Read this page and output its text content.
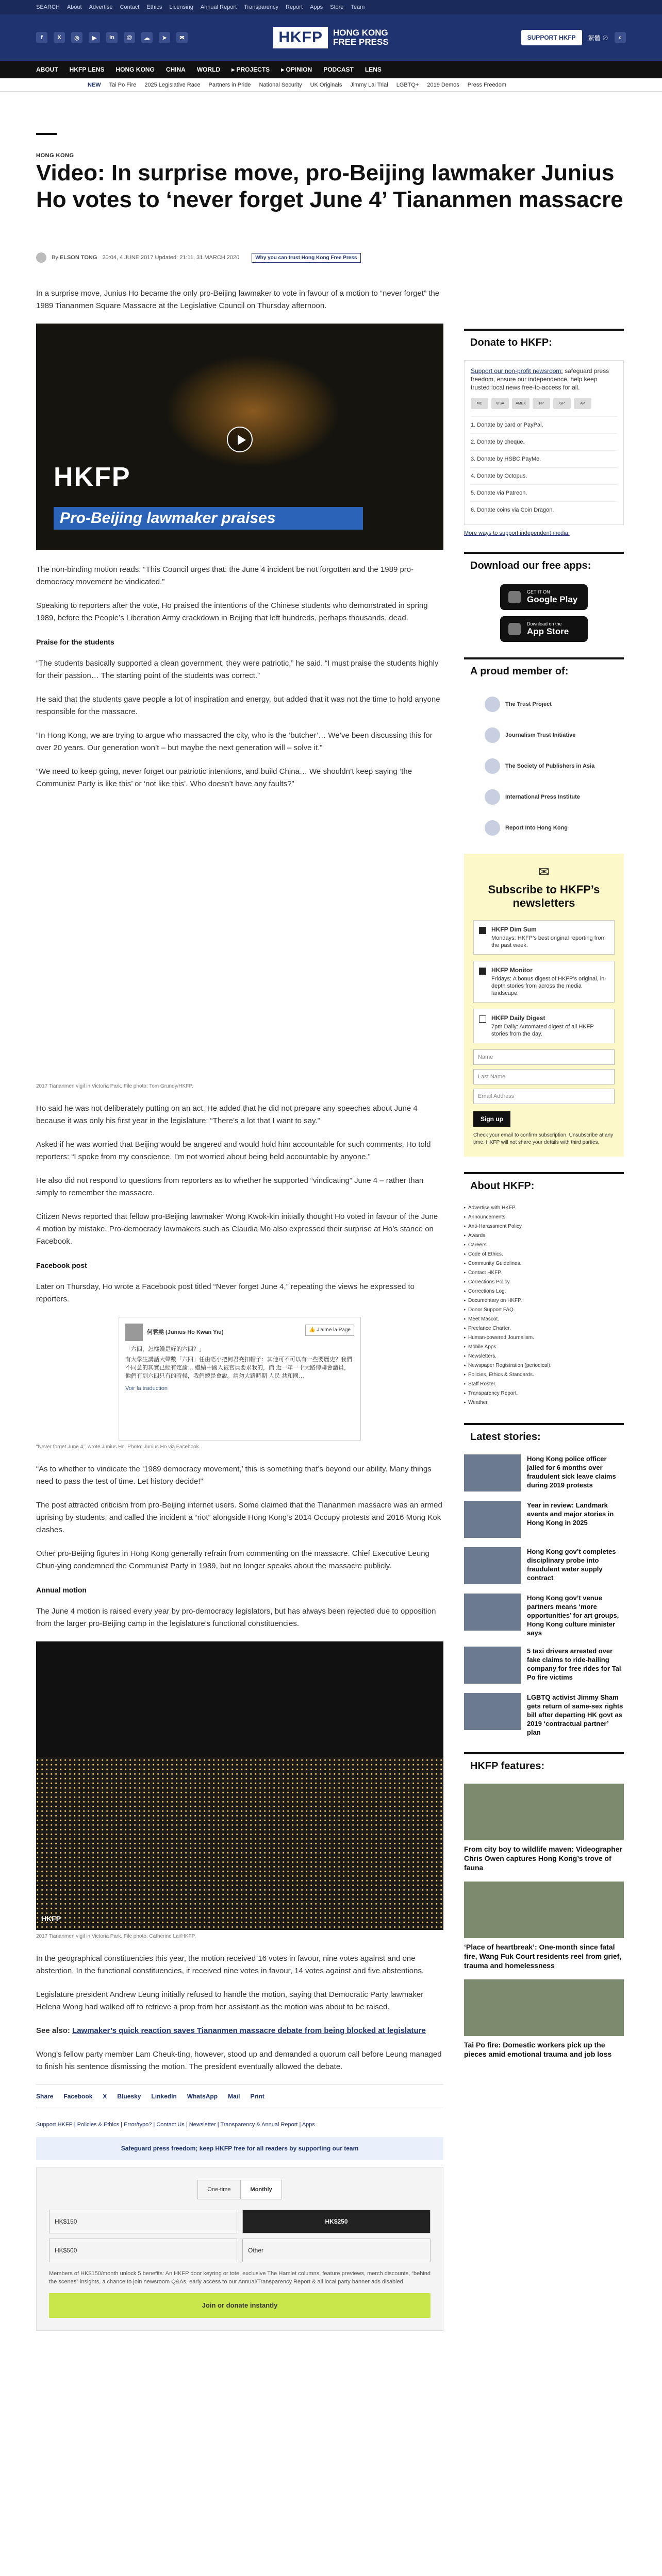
SEARCH About Advertise Contact Ethics Licensing Annual Report Transparency Report Apps Store Team
f	X	◎	▶	in	@	☁	➤	✉	HKFP	HONG KONG
FREE PRESS	SUPPORT HKFP	繁體 ⊘	⌕
ABOUT HKFP LENS HONG KONG CHINA WORLD ▸ PROJECTS ▸ OPINION PODCAST LENS
NEW Tai Po Fire 2025 Legislative Race Partners in Pride National Security UK Originals Jimmy Lai Trial LGBTQ+ 2019 Demos Press Freedom
HONG KONG
Video: In surprise move, pro-Beijing lawmaker Junius Ho votes to ‘never forget June 4’ Tiananmen massacre
By ELSON TONG 20:04, 4 JUNE 2017 Updated: 21:11, 31 MARCH 2020	Why you can trust Hong Kong Free Press

In a surprise move, Junius Ho became the only pro-Beijing lawmaker to vote in favour of a motion to “never forget” the 1989 Tiananmen Square Massacre at the Legislative Council on Thursday afternoon.

HKFP
Pro-Beijing lawmaker praises

The non-binding motion reads: “This Council urges that: the June 4 incident be not forgotten and the 1989 pro-democracy movement be vindicated.”

Speaking to reporters after the vote, Ho praised the intentions of the Chinese students who demonstrated in spring 1989, before the People’s Liberation Army crackdown in Beijing that left hundreds, perhaps thousands, dead.

Praise for the students

“The students basically supported a clean government, they were patriotic,” he said. “I must praise the students highly for their passion… The starting point of the students was correct.”

He said that the students gave people a lot of inspiration and energy, but added that it was not the time to hold anyone responsible for the massacre.

“In Hong Kong, we are trying to argue who massacred the city, who is the ‘butcher’… We’ve been discussing this for over 20 years. Our generation won’t – but maybe the next generation will – solve it.”

“We need to keep going, never forget our patriotic intentions, and build China… We shouldn’t keep saying ‘the Communist Party is like this’ or ‘not like this’. Who doesn’t have any faults?”

2017 Tiananmen vigil in Victoria Park. File photo: Tom Grundy/HKFP.

Ho said he was not deliberately putting on an act. He added that he did not prepare any speeches about June 4 because it was only his first year in the legislature: “There’s a lot that I want to say.”

Asked if he was worried that Beijing would be angered and would hold him accountable for such comments, Ho told reporters: “I spoke from my conscience. I’m not worried about being held accountable by anyone.”

He also did not respond to questions from reporters as to whether he supported “vindicating” June 4 – rather than simply to remember the massacre.

Citizen News reported that fellow pro-Beijing lawmaker Wong Kwok-kin initially thought Ho voted in favour of the June 4 motion by mistake. Pro-democracy lawmakers such as Claudia Mo also expressed their surprise at Ho’s stance on Facebook.

Facebook post

Later on Thursday, Ho wrote a Facebook post titled “Never forget June 4,” repeating the views he expressed to reporters.

何君堯 (Junius Ho Kwan Yiu)	👍 J’aime la Page
「六四，怎樣纔是好的六四？」
有大學生講話大聲數「六四」任由唔小把何君堯扣帽子：其他可不可以有一些要歷史？我們不同意的其實已經有定論… 繼續中國人被官員要求我的，而 近一年一十大路傳聯會議員，他們有到六四只有的時候，我們總是會說。請勿大路時期 人民 共和國…
Voir la traduction
“Never forget June 4,” wrote Junius Ho. Photo: Junius Ho via Facebook.

“As to whether to vindicate the ‘1989 democracy movement,’ this is something that’s beyond our ability. Many things need to pass the test of time. Let history decide!”

The post attracted criticism from pro-Beijing internet users. Some claimed that the Tiananmen massacre was an armed uprising by students, and called the incident a “riot” alongside Hong Kong’s 2014 Occupy protests and 2016 Mong Kok clashes.

Other pro-Beijing figures in Hong Kong generally refrain from commenting on the massacre. Chief Executive Leung Chun-ying condemned the Communist Party in 1989, but no longer speaks about the massacre publicly.

Annual motion

The June 4 motion is raised every year by pro-democracy legislators, but has always been rejected due to opposition from the larger pro-Beijing camp in the legislature’s functional constituencies.

HKFP
2017 Tiananmen vigil in Victoria Park. File photo: Catherine Lai/HKFP.

In the geographical constituencies this year, the motion received 16 votes in favour, nine votes against and one abstention. In the functional constituencies, it received nine votes in favour, 14 votes against and five abstentions.

Legislature president Andrew Leung initially refused to handle the motion, saying that Democratic Party lawmaker Helena Wong had walked off to retrieve a prop from her assistant as the motion was about to be raised.

See also: Lawmaker’s quick reaction saves Tiananmen massacre debate from being blocked at legislature

Wong’s fellow party member Lam Cheuk-ting, however, stood up and demanded a quorum call before Leung managed to finish his sentence dismissing the motion. The president eventually allowed the debate.

Share Facebook X Bluesky LinkedIn WhatsApp Mail Print
Support HKFP | Policies & Ethics | Error/typo? | Contact Us | Newsletter | Transparency & Annual Report | Apps
Safeguard press freedom; keep HKFP free for all readers by supporting our team
One-time	Monthly
HK$150	HK$250
HK$500	Other
Members of HK$150/month unlock 5 benefits: An HKFP door keyring or tote, exclusive The Hamlet columns, feature previews, merch discounts, “behind the scenes” insights, a chance to join newsroom Q&As, early access to our Annual/Transparency Report & all local party banner ads disabled.
Join or donate instantly
Donate to HKFP:

Support our non-profit newsroom: safeguard press freedom, ensure our independence, help keep trusted local news free-to-access for all.

MC	VISA	AMEX	PP	GP	AP
1. Donate by card or PayPal.
2. Donate by cheque.
3. Donate by HSBC PayMe.
4. Donate by Octopus.
5. Donate via Patreon.
6. Donate coins via Coin Dragon.
More ways to support independent media.
Download our free apps:
GET IT ON
Google Play
Download on the
App Store
A proud member of:
The Trust Project
Journalism Trust Initiative
The Society of Publishers in Asia
International Press Institute
Report Into Hong Kong
✉
Subscribe to HKFP’s newsletters
HKFP Dim Sum
Mondays: HKFP’s best original reporting from the past week.
HKFP Monitor
Fridays: A bonus digest of HKFP’s original, in-depth stories from across the media landscape.
HKFP Daily Digest
7pm Daily: Automated digest of all HKFP stories from the day.
Name
Last Name
Email Address
Sign up
Check your email to confirm subscription. Unsubscribe at any time. HKFP will not share your details with third parties.
About HKFP:
▸ Advertise with HKFP.
▸ Announcements.
▸ Anti-Harassment Policy.
▸ Awards.
▸ Careers.
▸ Code of Ethics.
▸ Community Guidelines.
▸ Contact HKFP.
▸ Corrections Policy.
▸ Corrections Log.
▸ Documentary on HKFP.
▸ Donor Support FAQ.
▸ Meet Mascot.
▸ Freelance Charter.
▸ Human-powered Journalism.
▸ Mobile Apps.
▸ Newsletters.
▸ Newspaper Registration (periodical).
▸ Policies, Ethics & Standards.
▸ Staff Roster.
▸ Transparency Report.
▸ Weather.
Latest stories:
Hong Kong police officer jailed for 6 months over fraudulent sick leave claims during 2019 protests
Year in review: Landmark events and major stories in Hong Kong in 2025
Hong Kong gov’t completes disciplinary probe into fraudulent water supply contract
Hong Kong gov’t venue partners means ‘more opportunities’ for art groups, Hong Kong culture minister says
5 taxi drivers arrested over fake claims to ride-hailing company for free rides for Tai Po fire victims
LGBTQ activist Jimmy Sham gets return of same-sex rights bill after departing HK govt as 2019 ‘contractual partner’ plan
HKFP features:
From city boy to wildlife maven: Videographer Chris Owen captures Hong Kong’s trove of fauna
‘Place of heartbreak’: One-month since fatal fire, Wang Fuk Court residents reel from grief, trauma and homelessness
Tai Po fire: Domestic workers pick up the pieces amid emotional trauma and job loss
